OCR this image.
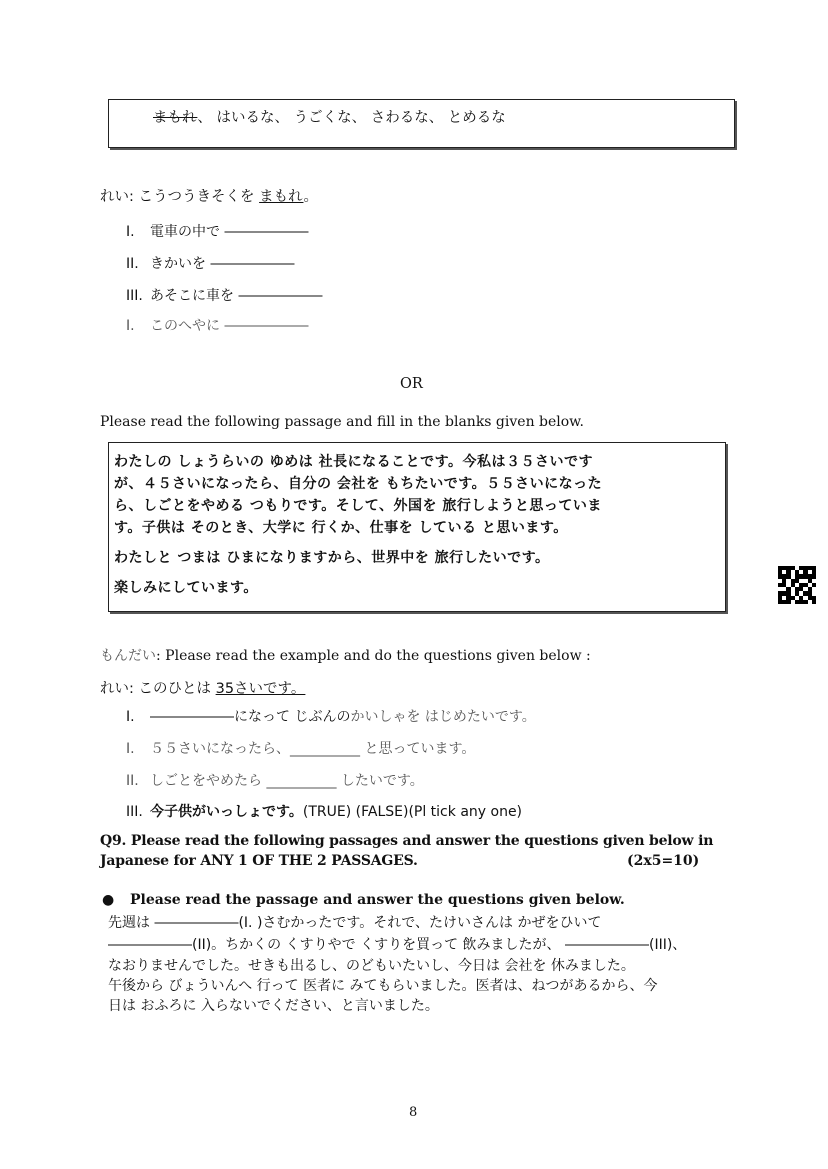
まもれ、 はいるな、 うごくな、 さわるな、 とめるな
れい: こうつうきそくを まもれ。
I. 電車の中で ――――――
II. きかいを ――――――
III. あそこに車を ――――――
I. このへやに ――――――
OR
Please read the following passage and fill in the blanks given below.
わたしの しょうらいの ゆめは 社長になることです。今私は３５さいです
が、４５さいになったら、自分の 会社を もちたいです。５５さいになった
ら、しごとをやめる つもりです。そして、外国を 旅行しようと思っていま
す。子供は そのとき、大学に 行くか、仕事を している と思います。
わたしと つまは ひまになりますから、世界中を 旅行したいです。
楽しみにしています。
もんだい: Please read the example and do the questions given below :
れい: このひとは 35さいです。
I. ――――――になって じぶんのかいしゃを はじめたいです。
I. ５５さいになったら、__________ と思っています。
II. しごとをやめたら __________ したいです。
III. 今子供がいっしょです。(TRUE) (FALSE)(Pl tick any one)
Q9. Please read the following passages and answer the questions given below in
Japanese for ANY 1 OF THE 2 PASSAGES.	(2x5=10)
● Please read the passage and answer the questions given below.
先週は ――――――(I. )さむかったです。それで、たけいさんは かぜをひいて
――――――(II)。ちかくの くすりやで くすりを買って 飲みましたが、 ――――――(III)、
なおりませんでした。せきも出るし、のどもいたいし、今日は 会社を 休みました。
午後から びょういんへ 行って 医者に みてもらいました。医者は、ねつがあるから、今
日は おふろに 入らないでください、と言いました。
8
